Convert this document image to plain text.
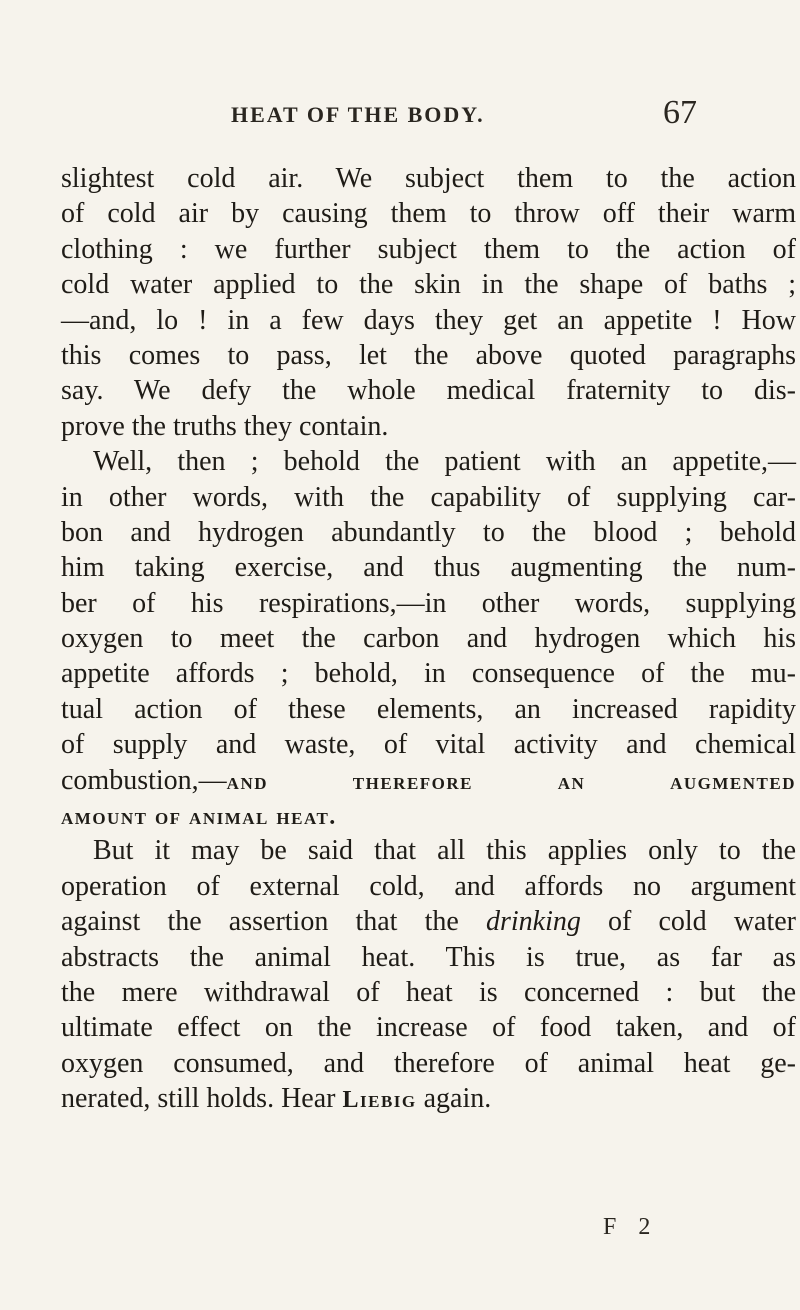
HEAT OF THE BODY.	67
slightest cold air. We subject them to the action
of cold air by causing them to throw off their warm
clothing : we further subject them to the action of
cold water applied to the skin in the shape of baths ;
—and, lo ! in a few days they get an appetite ! How
this comes to pass, let the above quoted paragraphs
say. We defy the whole medical fraternity to dis-
prove the truths they contain.
Well, then ; behold the patient with an appetite,—
in other words, with the capability of supplying car-
bon and hydrogen abundantly to the blood ; behold
him taking exercise, and thus augmenting the num-
ber of his respirations,—in other words, supplying
oxygen to meet the carbon and hydrogen which his
appetite affords ; behold, in consequence of the mu-
tual action of these elements, an increased rapidity
of supply and waste, of vital activity and chemical
combustion,—and therefore an augmented
amount of animal heat.
But it may be said that all this applies only to the
operation of external cold, and affords no argument
against the assertion that the drinking of cold water
abstracts the animal heat. This is true, as far as
the mere withdrawal of heat is concerned : but the
ultimate effect on the increase of food taken, and of
oxygen consumed, and therefore of animal heat ge-
nerated, still holds. Hear Liebig again.
F 2
